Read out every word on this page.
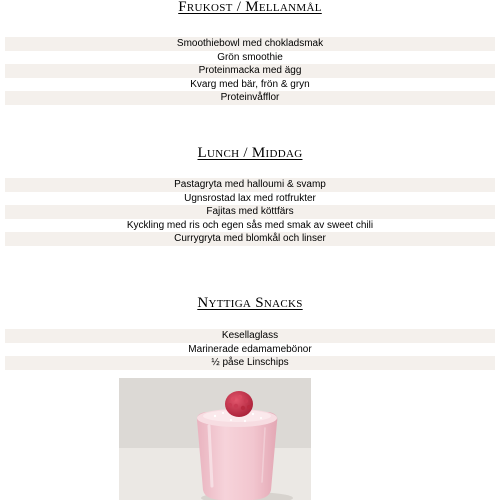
Frukost / Mellanmål
Smoothiebowl med chokladsmak
Grön smoothie
Proteinmacka med ägg
Kvarg med bär, frön & gryn
Proteinvåfflor
Lunch / Middag
Pastagryta med halloumi & svamp
Ugnsrostad lax med rotfrukter
Fajitas med köttfärs
Kyckling med ris och egen sås med smak av sweet chili
Currygryta med blomkål och linser
Nyttiga Snacks
Kesellaglass
Marinerade edamamebönor
½ påse Linschips
